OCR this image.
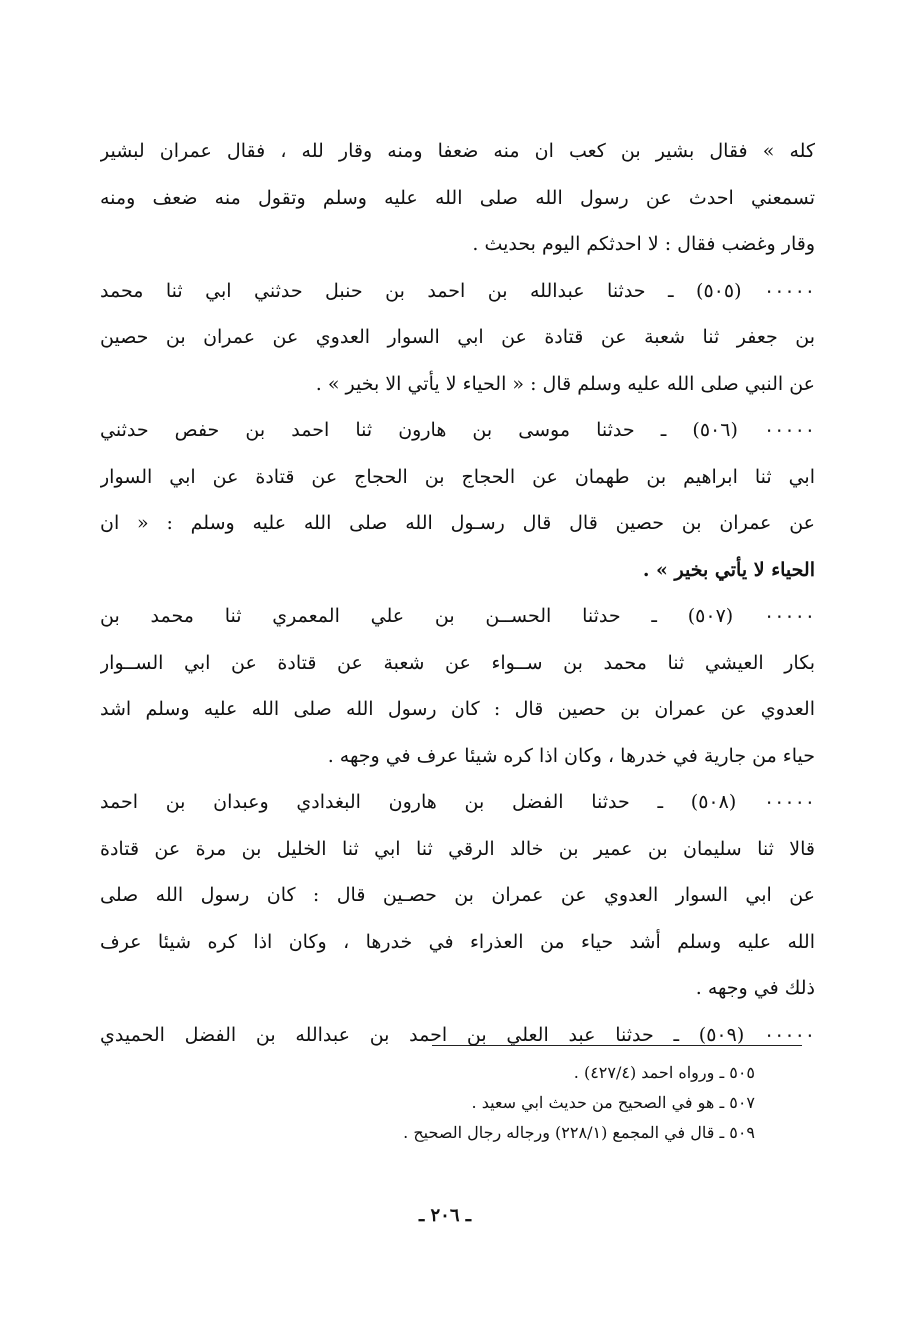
كله » فقال بشير بن كعب ان منه ضعفا ومنه وقار لله ، فقال عمران لبشير
تسمعني احدث عن رسول الله صلى الله عليه وسلم وتقول منه ضعف ومنه
وقار وغضب فقال : لا احدثكم اليوم بحديث .
٠٠٠٠٠ (٥٠٥) ـ حدثنا عبدالله بن احمد بن حنبل حدثني ابي ثنا محمد
بن جعفر ثنا شعبة عن قتادة عن ابي السوار العدوي عن عمران بن حصين
عن النبي صلى الله عليه وسلم قال : « الحياء لا يأتي الا بخير » .
٠٠٠٠٠ (٥٠٦) ـ حدثنا موسى بن هارون ثنا احمد بن حفص حدثني
ابي ثنا ابراهيم بن طهمان عن الحجاج بن الحجاج عن قتادة عن ابي السوار
عن عمران بن حصين قال قال رسـول الله صلى الله عليه وسلم : « ان
الحياء لا يأتي بخير » .
٠٠٠٠٠ (٥٠٧) ـ حدثنا الحســن بن علي المعمري ثنا محمد بن
بكار العيشي ثنا محمد بن ســواء عن شعبة عن قتادة عن ابي الســوار
العدوي عن عمران بن حصين قال : كان رسول الله صلى الله عليه وسلم اشد
حياء من جارية في خدرها ، وكان اذا كره شيئا عرف في وجهه .
٠٠٠٠٠ (٥٠٨) ـ حدثنا الفضل بن هارون البغدادي وعبدان بن احمد
قالا ثنا سليمان بن عمير بن خالد الرقي ثنا ابي ثنا الخليل بن مرة عن قتادة
عن ابي السوار العدوي عن عمران بن حصـين قال : كان رسول الله صلى
الله عليه وسلم أشد حياء من العذراء في خدرها ، وكان اذا كره شيئا عرف
ذلك في وجهه .
٠٠٠٠٠ (٥٠٩) ـ حدثنا عبد العلي بن احمد بن عبدالله بن الفضل الحميدي
٥٠٥ ـ ورواه احمد (٤٢٧/٤) .
٥٠٧ ـ هو في الصحيح من حديث ابي سعيد .
٥٠٩ ـ قال في المجمع (٢٢٨/١) ورجاله رجال الصحيح .
ـ ٢٠٦ ـ
